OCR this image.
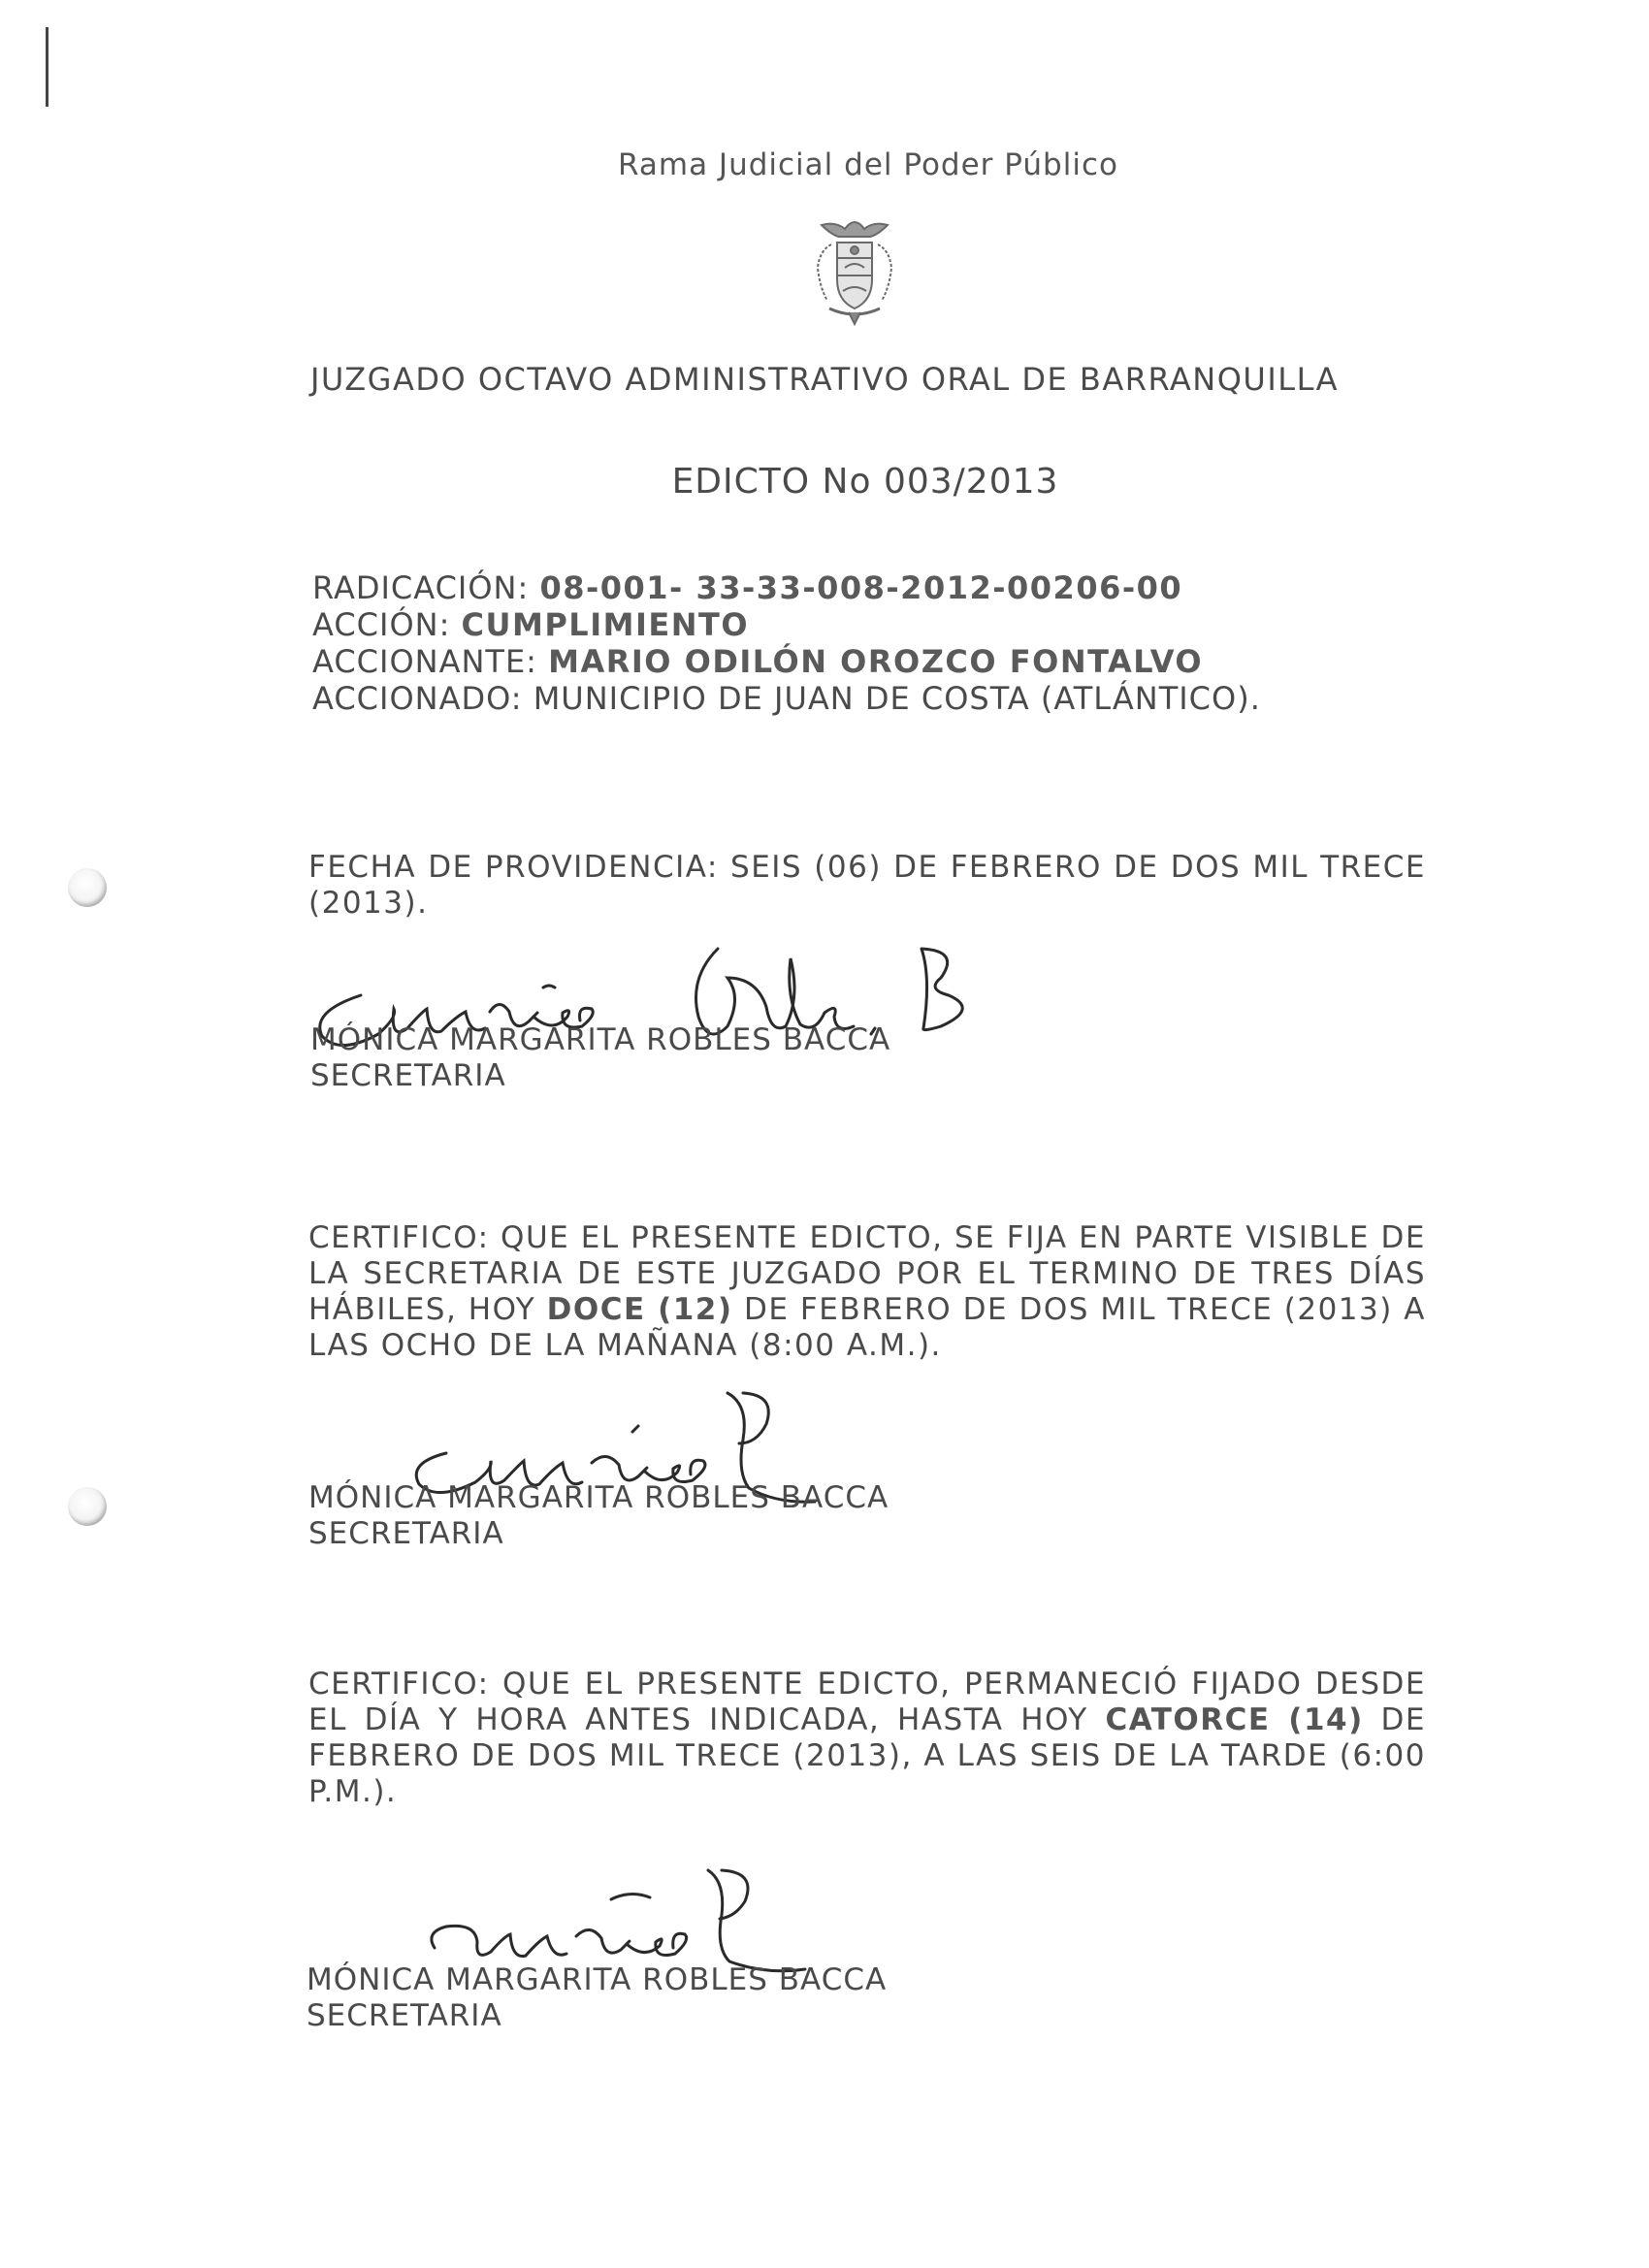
Rama Judicial del Poder Público
JUZGADO OCTAVO ADMINISTRATIVO ORAL DE BARRANQUILLA
EDICTO No 003/2013
RADICACIÓN: 08-001- 33-33-008-2012-00206-00
ACCIÓN: CUMPLIMIENTO
ACCIONANTE: MARIO ODILÓN OROZCO FONTALVO
ACCIONADO: MUNICIPIO DE JUAN DE COSTA (ATLÁNTICO).
FECHA DE PROVIDENCIA: SEIS (06) DE FEBRERO DE DOS MIL TRECE (2013).
MÓNICA MARGARITA ROBLES BACCA
SECRETARIA
CERTIFICO: QUE EL PRESENTE EDICTO, SE FIJA EN PARTE VISIBLE DE LA SECRETARIA DE ESTE JUZGADO POR EL TERMINO DE TRES DÍAS HÁBILES, HOY DOCE (12) DE FEBRERO DE DOS MIL TRECE (2013) A LAS OCHO DE LA MAÑANA (8:00 A.M.).
MÓNICA MARGARITA ROBLES BACCA
SECRETARIA
CERTIFICO: QUE EL PRESENTE EDICTO, PERMANECIÓ FIJADO DESDE EL DÍA Y HORA ANTES INDICADA, HASTA HOY CATORCE (14) DE FEBRERO DE DOS MIL TRECE (2013), A LAS SEIS DE LA TARDE (6:00 P.M.).
MÓNICA MARGARITA ROBLES BACCA
SECRETARIA
